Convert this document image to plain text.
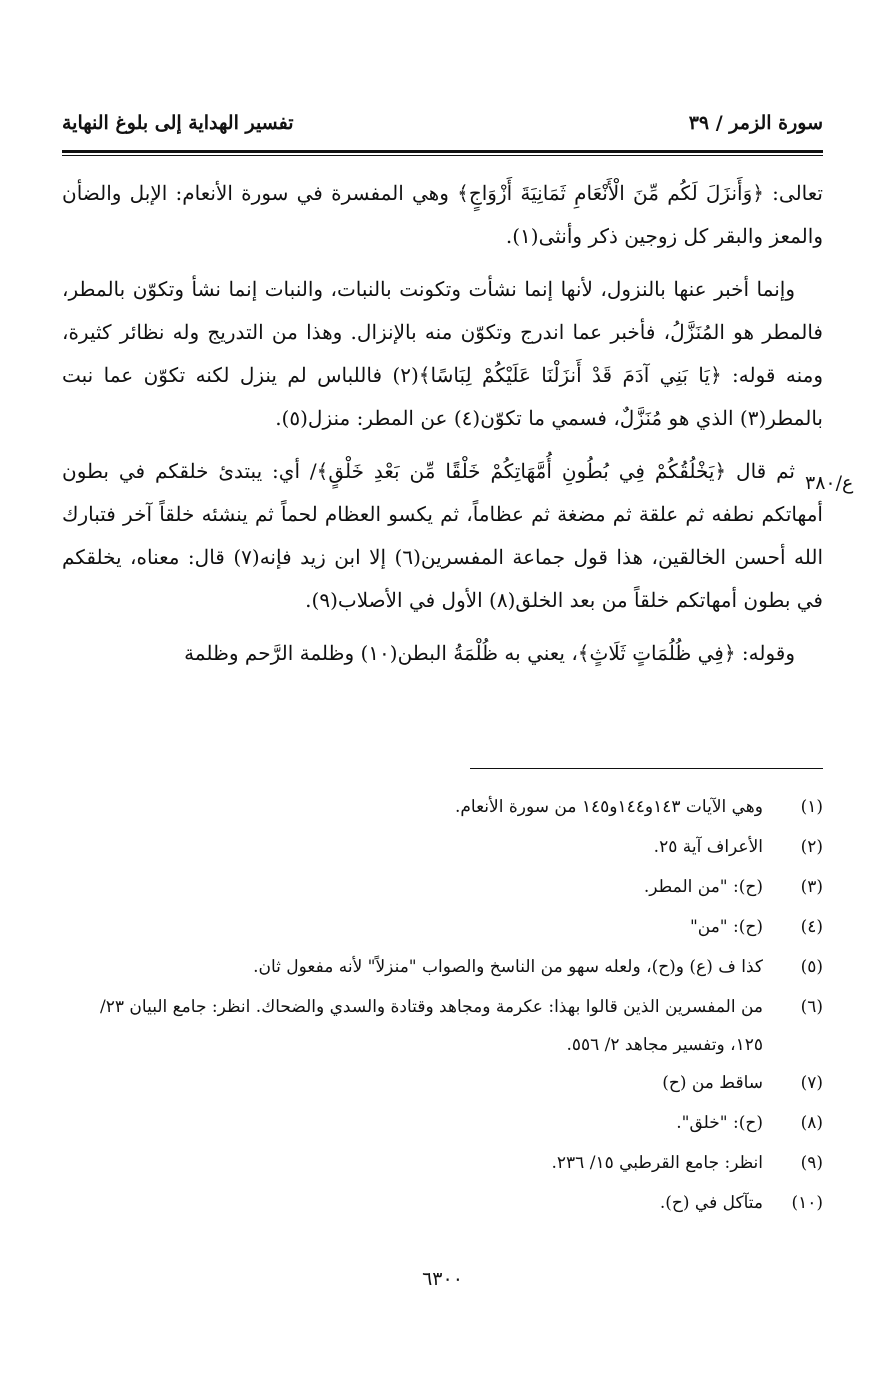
تفسير الهداية إلى بلوغ النهاية	سورة الزمر / ٣٩
ع/٣٨٠

تعالى: ﴿وَأَنزَلَ لَكُم مِّنَ الْأَنْعَامِ ثَمَانِيَةَ أَزْوَاجٍ﴾ وهي المفسرة في سورة الأنعام: الإبل والضأن والمعز والبقر كل زوجين ذكر وأنثى(١).

وإنما أخبر عنها بالنزول، لأنها إنما نشأت وتكونت بالنبات، والنبات إنما نشأ وتكوّن بالمطر، فالمطر هو المُنَزَّلُ، فأخبر عما اندرج وتكوّن منه بالإنزال. وهذا من التدريج وله نظائر كثيرة، ومنه قوله: ﴿يَا بَنِي آدَمَ قَدْ أَنزَلْنَا عَلَيْكُمْ لِبَاسًا﴾(٢) فاللباس لم ينزل لكنه تكوّن عما نبت بالمطر(٣) الذي هو مُنَزَّلٌ، فسمي ما تكوّن(٤) عن المطر: منزل(٥).

ثم قال ﴿يَخْلُقُكُمْ فِي بُطُونِ أُمَّهَاتِكُمْ خَلْقًا مِّن بَعْدِ خَلْقٍ﴾/ أي: يبتدئ خلقكم في بطون أمهاتكم نطفه ثم علقة ثم مضغة ثم عظاماً، ثم يكسو العظام لحماً ثم ينشئه خلقاً آخر فتبارك الله أحسن الخالقين، هذا قول جماعة المفسرين(٦) إلا ابن زيد فإنه(٧) قال: معناه، يخلقكم في بطون أمهاتكم خلقاً من بعد الخلق(٨) الأول في الأصلاب(٩).

وقوله: ﴿فِي ظُلُمَاتٍ ثَلَاثٍ﴾، يعني به ظُلْمَةُ البطن(١٠) وظلمة الرَّحم وظلمة

(١)
وهي الآيات ١٤٣و١٤٤و١٤٥ من سورة الأنعام.
(٢)
الأعراف آية ٢٥.
(٣)
(ح): "من المطر.
(٤)
(ح): "من"
(٥)
كذا ف (ع) و(ح)، ولعله سهو من الناسخ والصواب "منزلاً" لأنه مفعول ثان.
(٦)
من المفسرين الذين قالوا بهذا: عكرمة ومجاهد وقتادة والسدي والضحاك. انظر: جامع البيان ٢٣/ ١٢٥، وتفسير مجاهد ٢/ ٥٥٦.
(٧)
ساقط من (ح)
(٨)
(ح): "خلق".
(٩)
انظر: جامع القرطبي ١٥/ ٢٣٦.
(١٠)
متآكل في (ح).
٦٣٠٠
